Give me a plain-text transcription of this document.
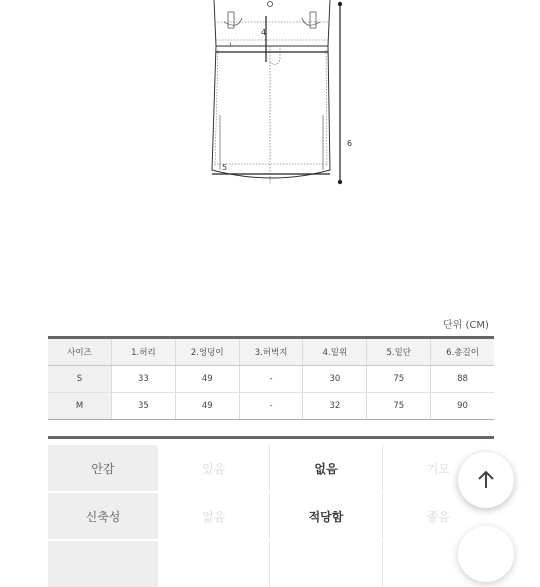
ㅗ
4
5
6
단위 (CM)
사이즈	1.허리	2.엉덩이	3.허벅지	4.밑위	5.밑단	6.총길이
S	33	49	-	30	75	88
M	35	49	-	32	75	90
안감	있음	없음	기모
신축성	없음	적당함	좋음
